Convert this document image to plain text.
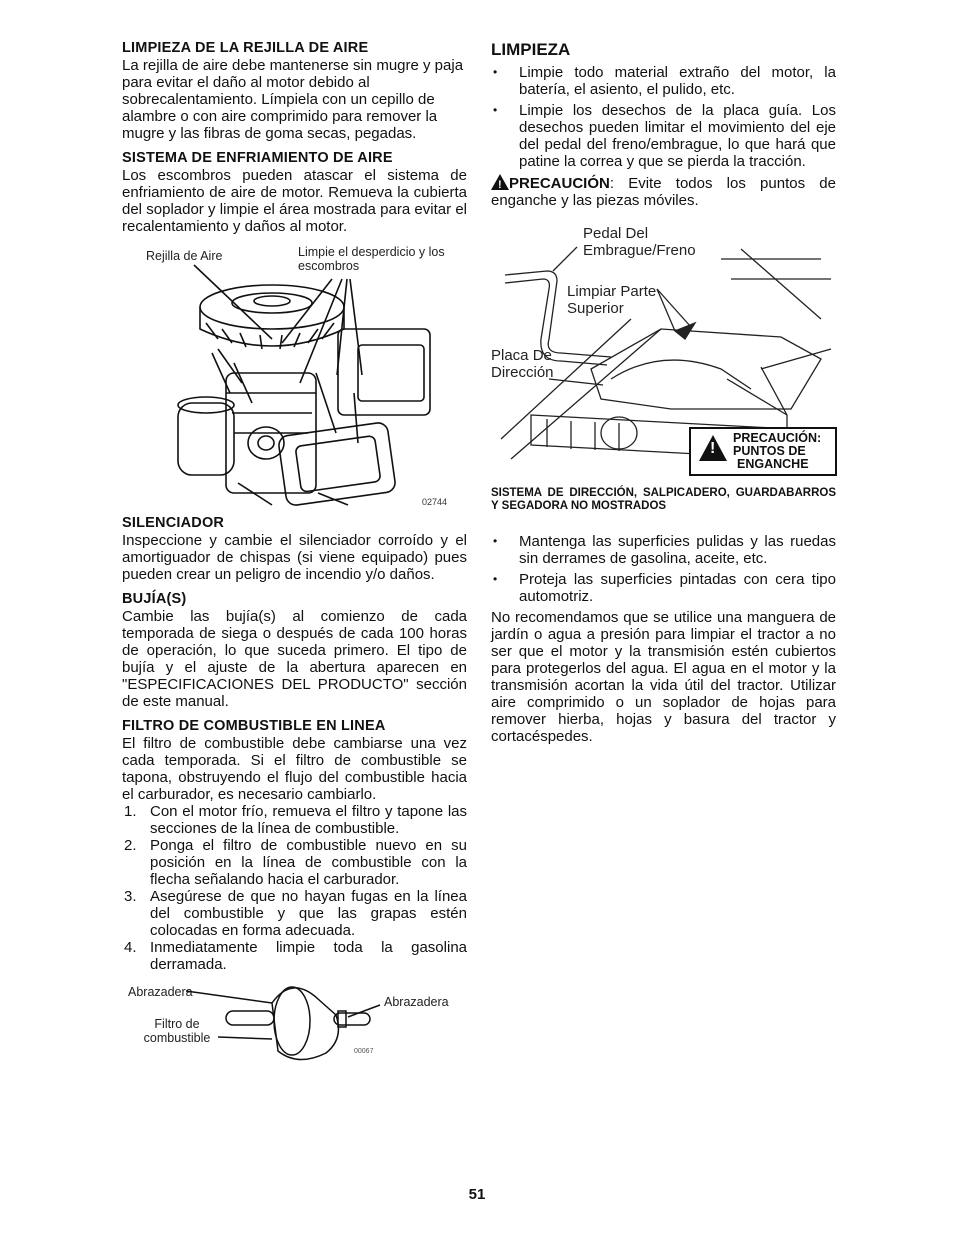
LIMPIEZA DE LA REJILLA DE AIRE

La rejilla de aire debe mantenerse sin mugre y paja para evitar el daño al motor debido al sobrecalentamiento. Límpiela con un cepillo de alambre o con aire comprimido para remover la mugre y las fibras de goma secas, pegadas.

SISTEMA DE ENFRIAMIENTO DE AIRE

Los escombros pueden atascar el sistema de enfriamiento de aire de motor. Remueva la cubierta del soplador y limpie el área mostrada para evitar el recalentamiento y daños al motor.

Rejilla de Aire	Limpie el desperdicio y los escombros
02744
SILENCIADOR

Inspeccione y cambie el silenciador corroído y el amortiguador de chispas (si viene equipado) pues pueden crear un peligro de incendio y/o daños.

BUJÍA(S)

Cambie las bujía(s) al comienzo de cada temporada de siega o después de cada 100 horas de operación, lo que suceda primero. El tipo de bujía y el ajuste de la abertura aparecen en "ESPECIFICACIONES DEL PRODUCTO" sección de este manual.

FILTRO DE COMBUSTIBLE EN LINEA

El filtro de combustible debe cambiarse una vez cada temporada. Si el filtro de combustible se tapona, obstruyendo el flujo del combustible hacia el carburador, es necesario cambiarlo.

1. Con el motor frío, remueva el filtro y tapone las secciones de la línea de combustible.
2. Ponga el filtro de combustible nuevo en su posición en la línea de combustible con la flecha señalando hacia el carburador.
3. Asegúrese de que no hayan fugas en la línea del combustible y que las grapas estén colocadas en forma adecuada.
4. Inmediatamente limpie toda la gasolina derramada.
Abrazadera
Abrazadera
Filtro de combustible
00067
LIMPIEZA
• Limpie todo material extraño del motor, la batería, el asiento, el pulido, etc.
• Limpie los desechos de la placa guía. Los desechos pueden limitar el movimiento del eje del pedal del freno/embrague, lo que hará que patine la correa y que se pierda la tracción.

!PRECAUCIÓN: Evite todos los puntos de enganche y las piezas móviles.

Pedal Del Embrague/Freno
Limpiar Parte Superior
Placa De Dirección
!
PRECAUCIÓN:
PUNTOS DE
ENGANCHE

SISTEMA DE DIRECCIÓN, SALPICADERO, GUARDABARROS Y SEGADORA NO MOSTRADOS

• Mantenga las superficies pulidas y las ruedas sin derrames de gasolina, aceite, etc.
• Proteja las superficies pintadas con cera tipo automotriz.

No recomendamos que se utilice una manguera de jardín o agua a presión para limpiar el tractor a no ser que el motor y la transmisión estén cubiertos para protegerlos del agua. El agua en el motor y la transmisión acortan la vida útil del tractor. Utilizar aire comprimido o un soplador de hojas para remover hierba, hojas y basura del tractor y cortacéspedes.

51
